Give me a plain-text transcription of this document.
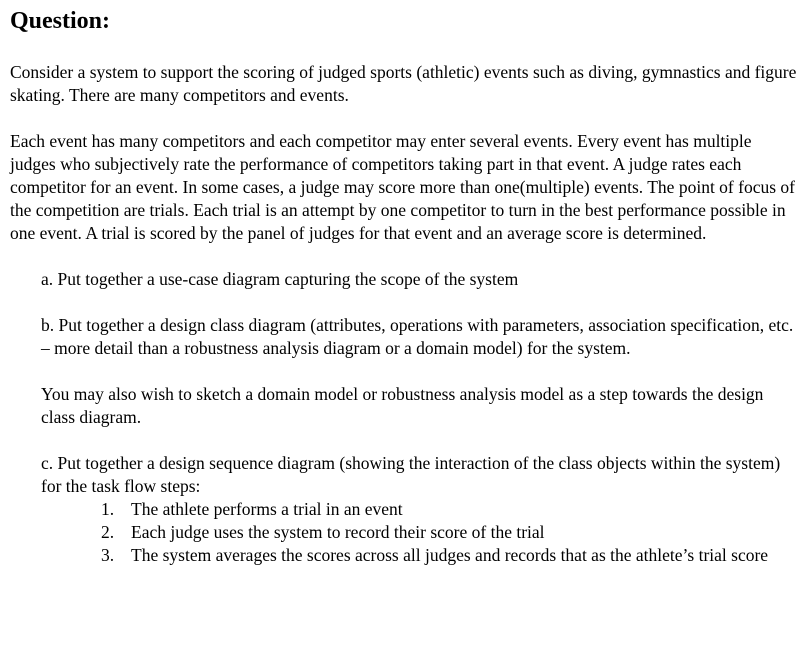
Question:

Consider a system to support the scoring of judged sports (athletic) events such as diving, gymnastics and figure skating. There are many competitors and events.

Each event has many competitors and each competitor may enter several events. Every event has multiple judges who subjectively rate the performance of competitors taking part in that event. A judge rates each competitor for an event. In some cases, a judge may score more than one(multiple) events. The point of focus of the competition are trials. Each trial is an attempt by one competitor to turn in the best performance possible in one event. A trial is scored by the panel of judges for that event and an average score is determined.

a. Put together a use-case diagram capturing the scope of the system

b. Put together a design class diagram (attributes, operations with parameters, association specification, etc. – more detail than a robustness analysis diagram or a domain model) for the system.

You may also wish to sketch a domain model or robustness analysis model as a step towards the design class diagram.

c. Put together a design sequence diagram (showing the interaction of the class objects within the system) for the task flow steps:

1. The athlete performs a trial in an event
2. Each judge uses the system to record their score of the trial
3. The system averages the scores across all judges and records that as the athlete’s trial score
